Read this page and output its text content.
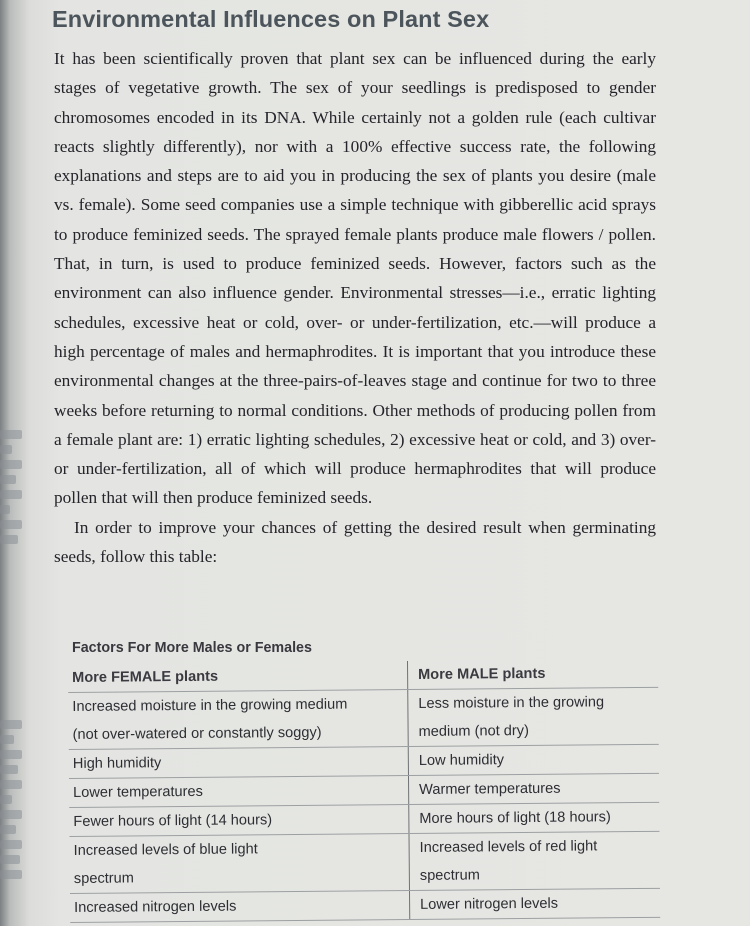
Environmental Influences on Plant Sex

It has been scientifically proven that plant sex can be influenced during the early stages of vegetative growth. The sex of your seedlings is predisposed to gender chromosomes encoded in its DNA. While certainly not a golden rule (each cultivar reacts slightly differently), nor with a 100% effective success rate, the following explanations and steps are to aid you in producing the sex of plants you desire (male vs. female). Some seed companies use a simple technique with gibberellic acid sprays to produce feminized seeds. The sprayed female plants produce male flowers / pollen. That, in turn, is used to produce feminized seeds. However, factors such as the environment can also influence gender. Environmental stresses—i.e., erratic lighting schedules, excessive heat or cold, over- or under-fertilization, etc.—will produce a high percentage of males and hermaphrodites. It is important that you introduce these environmental changes at the three-pairs-of-leaves stage and continue for two to three weeks before returning to normal conditions. Other methods of producing pollen from a female plant are: 1) erratic lighting schedules, 2) excessive heat or cold, and 3) over- or under-fertilization, all of which will produce hermaphrodites that will produce pollen that will then produce feminized seeds.

In order to improve your chances of getting the desired result when germinating seeds, follow this table:

Factors For More Males or Females
More FEMALE plants	More MALE plants
Increased moisture in the growing medium	Less moisture in the growing
(not over-watered or constantly soggy)	medium (not dry)
High humidity	Low humidity
Lower temperatures	Warmer temperatures
Fewer hours of light (14 hours)	More hours of light (18 hours)
Increased levels of blue light	Increased levels of red light
spectrum	spectrum
Increased nitrogen levels	Lower nitrogen levels
